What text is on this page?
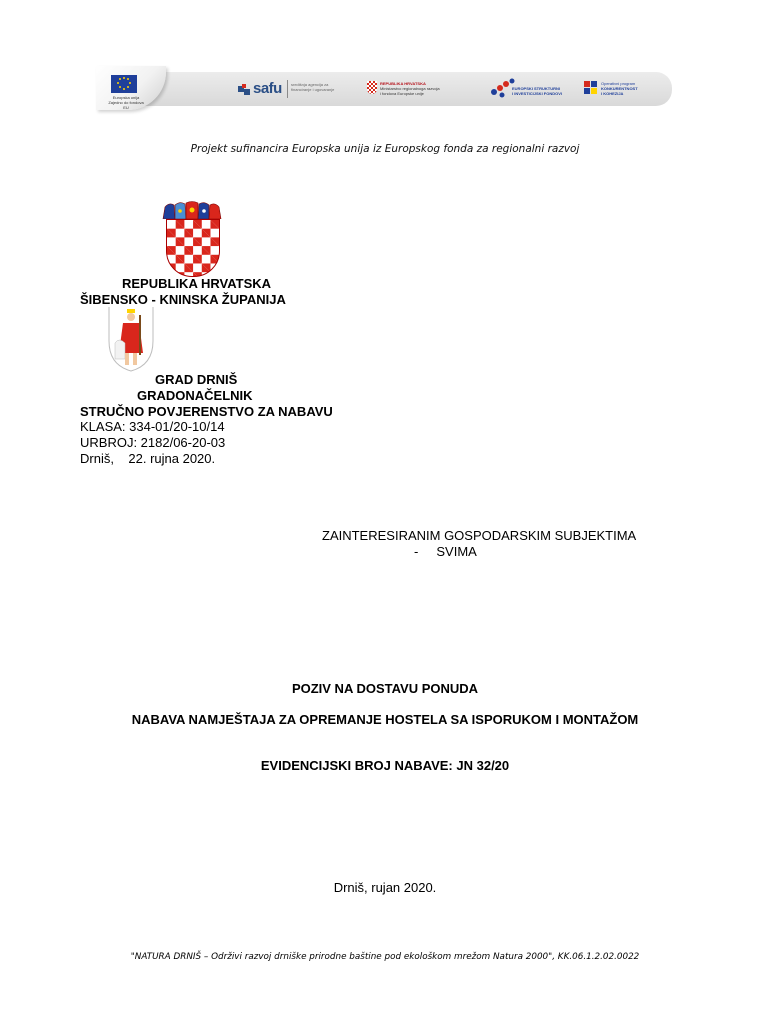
Europska unija
Zajedno do fondova EU
safu središnja agencija za
financiranje i ugovaranje
REPUBLIKA HRVATSKA
Ministarstvo regionalnoga razvoja
i fondova Europske unije
EUROPSKI STRUKTURNI
I INVESTICIJSKI FONDOVI
Operativni program
KONKURENTNOST
I KOHEZIJA
Projekt sufinancira Europska unija iz Europskog fonda za regionalni razvoj
REPUBLIKA HRVATSKA
ŠIBENSKO - KNINSKA ŽUPANIJA
GRAD DRNIŠ
GRADONAČELNIK
STRUČNO POVJERENSTVO ZA NABAVU
KLASA: 334-01/20-10/14
URBROJ: 2182/06-20-03
Drniš,    22. rujna 2020.
ZAINTERESIRANIM GOSPODARSKIM SUBJEKTIMA
-     SVIMA
POZIV NA DOSTAVU PONUDA
NABAVA NAMJEŠTAJA ZA OPREMANJE HOSTELA SA ISPORUKOM I MONTAŽOM
EVIDENCIJSKI BROJ NABAVE: JN 32/20
Drniš, rujan 2020.
"NATURA DRNIŠ – Održivi razvoj drniške prirodne baštine pod ekološkom mrežom Natura 2000", KK.06.1.2.02.0022
